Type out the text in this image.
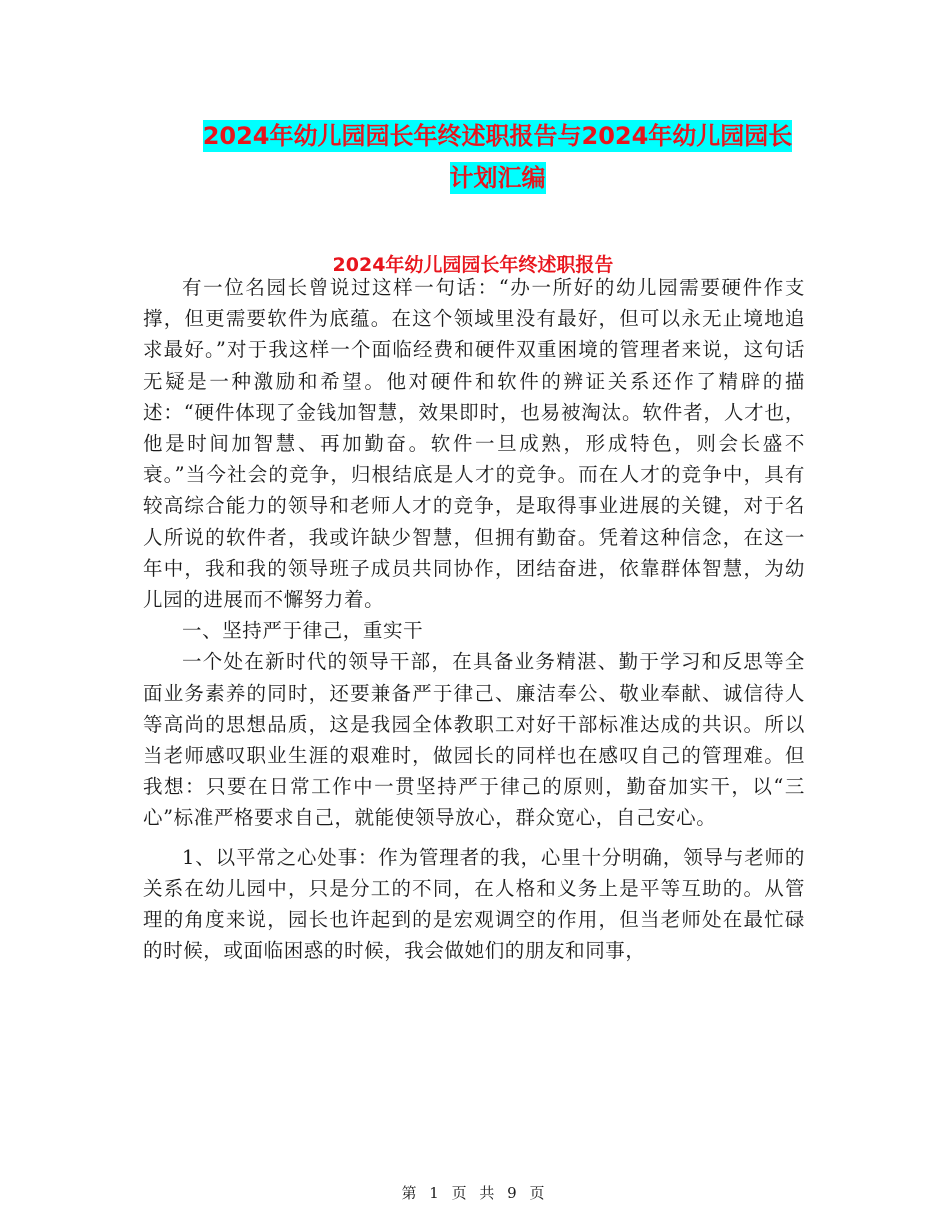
2024年幼儿园园长年终述职报告与2024年幼儿园园长
计划汇编
2024年幼儿园园长年终述职报告

有一位名园长曾说过这样一句话：“办一所好的幼儿园需要硬件作支撑，但更需要软件为底蕴。在这个领域里没有最好，但可以永无止境地追求最好。”对于我这样一个面临经费和硬件双重困境的管理者来说，这句话无疑是一种激励和希望。他对硬件和软件的辨证关系还作了精辟的描述：“硬件体现了金钱加智慧，效果即时，也易被淘汰。软件者，人才也，他是时间加智慧、再加勤奋。软件一旦成熟，形成特色，则会长盛不衰。”当今社会的竞争，归根结底是人才的竞争。而在人才的竞争中，具有较高综合能力的领导和老师人才的竞争，是取得事业进展的关键，对于名人所说的软件者，我或许缺少智慧，但拥有勤奋。凭着这种信念，在这一年中，我和我的领导班子成员共同协作，团结奋进，依靠群体智慧，为幼儿园的进展而不懈努力着。

一、坚持严于律己，重实干

一个处在新时代的领导干部，在具备业务精湛、勤于学习和反思等全面业务素养的同时，还要兼备严于律己、廉洁奉公、敬业奉献、诚信待人等高尚的思想品质，这是我园全体教职工对好干部标准达成的共识。所以当老师感叹职业生涯的艰难时，做园长的同样也在感叹自己的管理难。但我想：只要在日常工作中一贯坚持严于律己的原则，勤奋加实干，以“三心”标准严格要求自己，就能使领导放心，群众宽心，自己安心。

1、以平常之心处事：作为管理者的我，心里十分明确，领导与老师的关系在幼儿园中，只是分工的不同，在人格和义务上是平等互助的。从管理的角度来说，园长也许起到的是宏观调空的作用，但当老师处在最忙碌的时候，或面临困惑的时候，我会做她们的朋友和同事，

第 1 页 共 9 页
